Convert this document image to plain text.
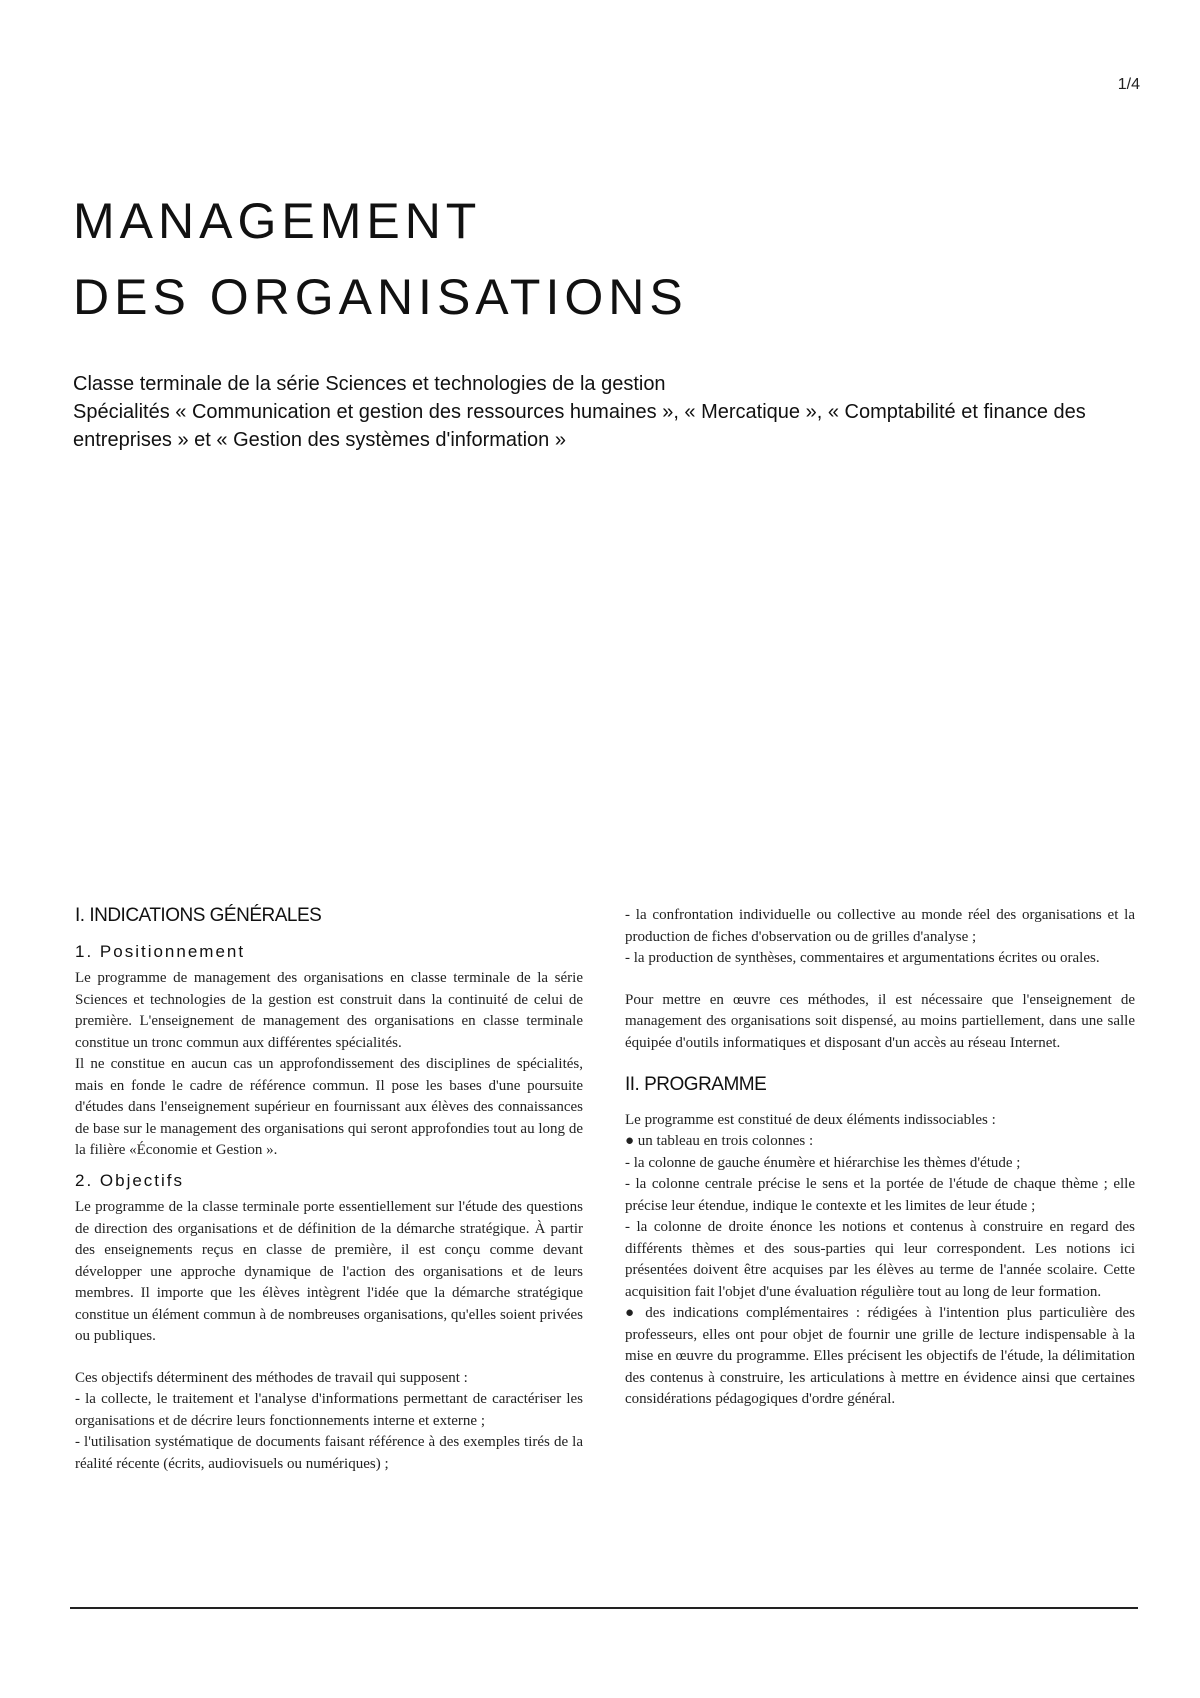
1/4
MANAGEMENT
DES ORGANISATIONS
Classe terminale de la série Sciences et technologies de la gestion
Spécialités « Communication et gestion des ressources humaines », « Mercatique », « Comptabilité et finance des entreprises » et « Gestion des systèmes d'information »
I. INDICATIONS GÉNÉRALES
1. Positionnement

Le programme de management des organisations en classe terminale de la série Sciences et technologies de la gestion est construit dans la continuité de celui de première. L'enseignement de management des organisations en classe terminale constitue un tronc commun aux différentes spécialités.

Il ne constitue en aucun cas un approfondissement des disciplines de spécialités, mais en fonde le cadre de référence commun. Il pose les bases d'une poursuite d'études dans l'enseignement supérieur en fournissant aux élèves des connaissances de base sur le management des organisations qui seront approfondies tout au long de la filière «Économie et Gestion ».

2. Objectifs

Le programme de la classe terminale porte essentiellement sur l'étude des questions de direction des organisations et de définition de la démarche stratégique. À partir des enseignements reçus en classe de première, il est conçu comme devant développer une approche dynamique de l'action des organisations et de leurs membres. Il importe que les élèves intègrent l'idée que la démarche stratégique constitue un élément commun à de nombreuses organisations, qu'elles soient privées ou publiques.

Ces objectifs déterminent des méthodes de travail qui supposent :

- la collecte, le traitement et l'analyse d'informations permettant de caractériser les organisations et de décrire leurs fonctionnements interne et externe ;

- l'utilisation systématique de documents faisant référence à des exemples tirés de la réalité récente (écrits, audiovisuels ou numériques) ;

- la confrontation individuelle ou collective au monde réel des organisations et la production de fiches d'observation ou de grilles d'analyse ;

- la production de synthèses, commentaires et argumentations écrites ou orales.

Pour mettre en œuvre ces méthodes, il est nécessaire que l'enseignement de management des organisations soit dispensé, au moins partiellement, dans une salle équipée d'outils informatiques et disposant d'un accès au réseau Internet.

II. PROGRAMME

Le programme est constitué de deux éléments indissociables :

● un tableau en trois colonnes :

- la colonne de gauche énumère et hiérarchise les thèmes d'étude ;

- la colonne centrale précise le sens et la portée de l'étude de chaque thème ; elle précise leur étendue, indique le contexte et les limites de leur étude ;

- la colonne de droite énonce les notions et contenus à construire en regard des différents thèmes et des sous-parties qui leur correspondent. Les notions ici présentées doivent être acquises par les élèves au terme de l'année scolaire. Cette acquisition fait l'objet d'une évaluation régulière tout au long de leur formation.

● des indications complémentaires : rédigées à l'intention plus particulière des professeurs, elles ont pour objet de fournir une grille de lecture indispensable à la mise en œuvre du programme. Elles précisent les objectifs de l'étude, la délimitation des contenus à construire, les articulations à mettre en évidence ainsi que certaines considérations pédagogiques d'ordre général.
